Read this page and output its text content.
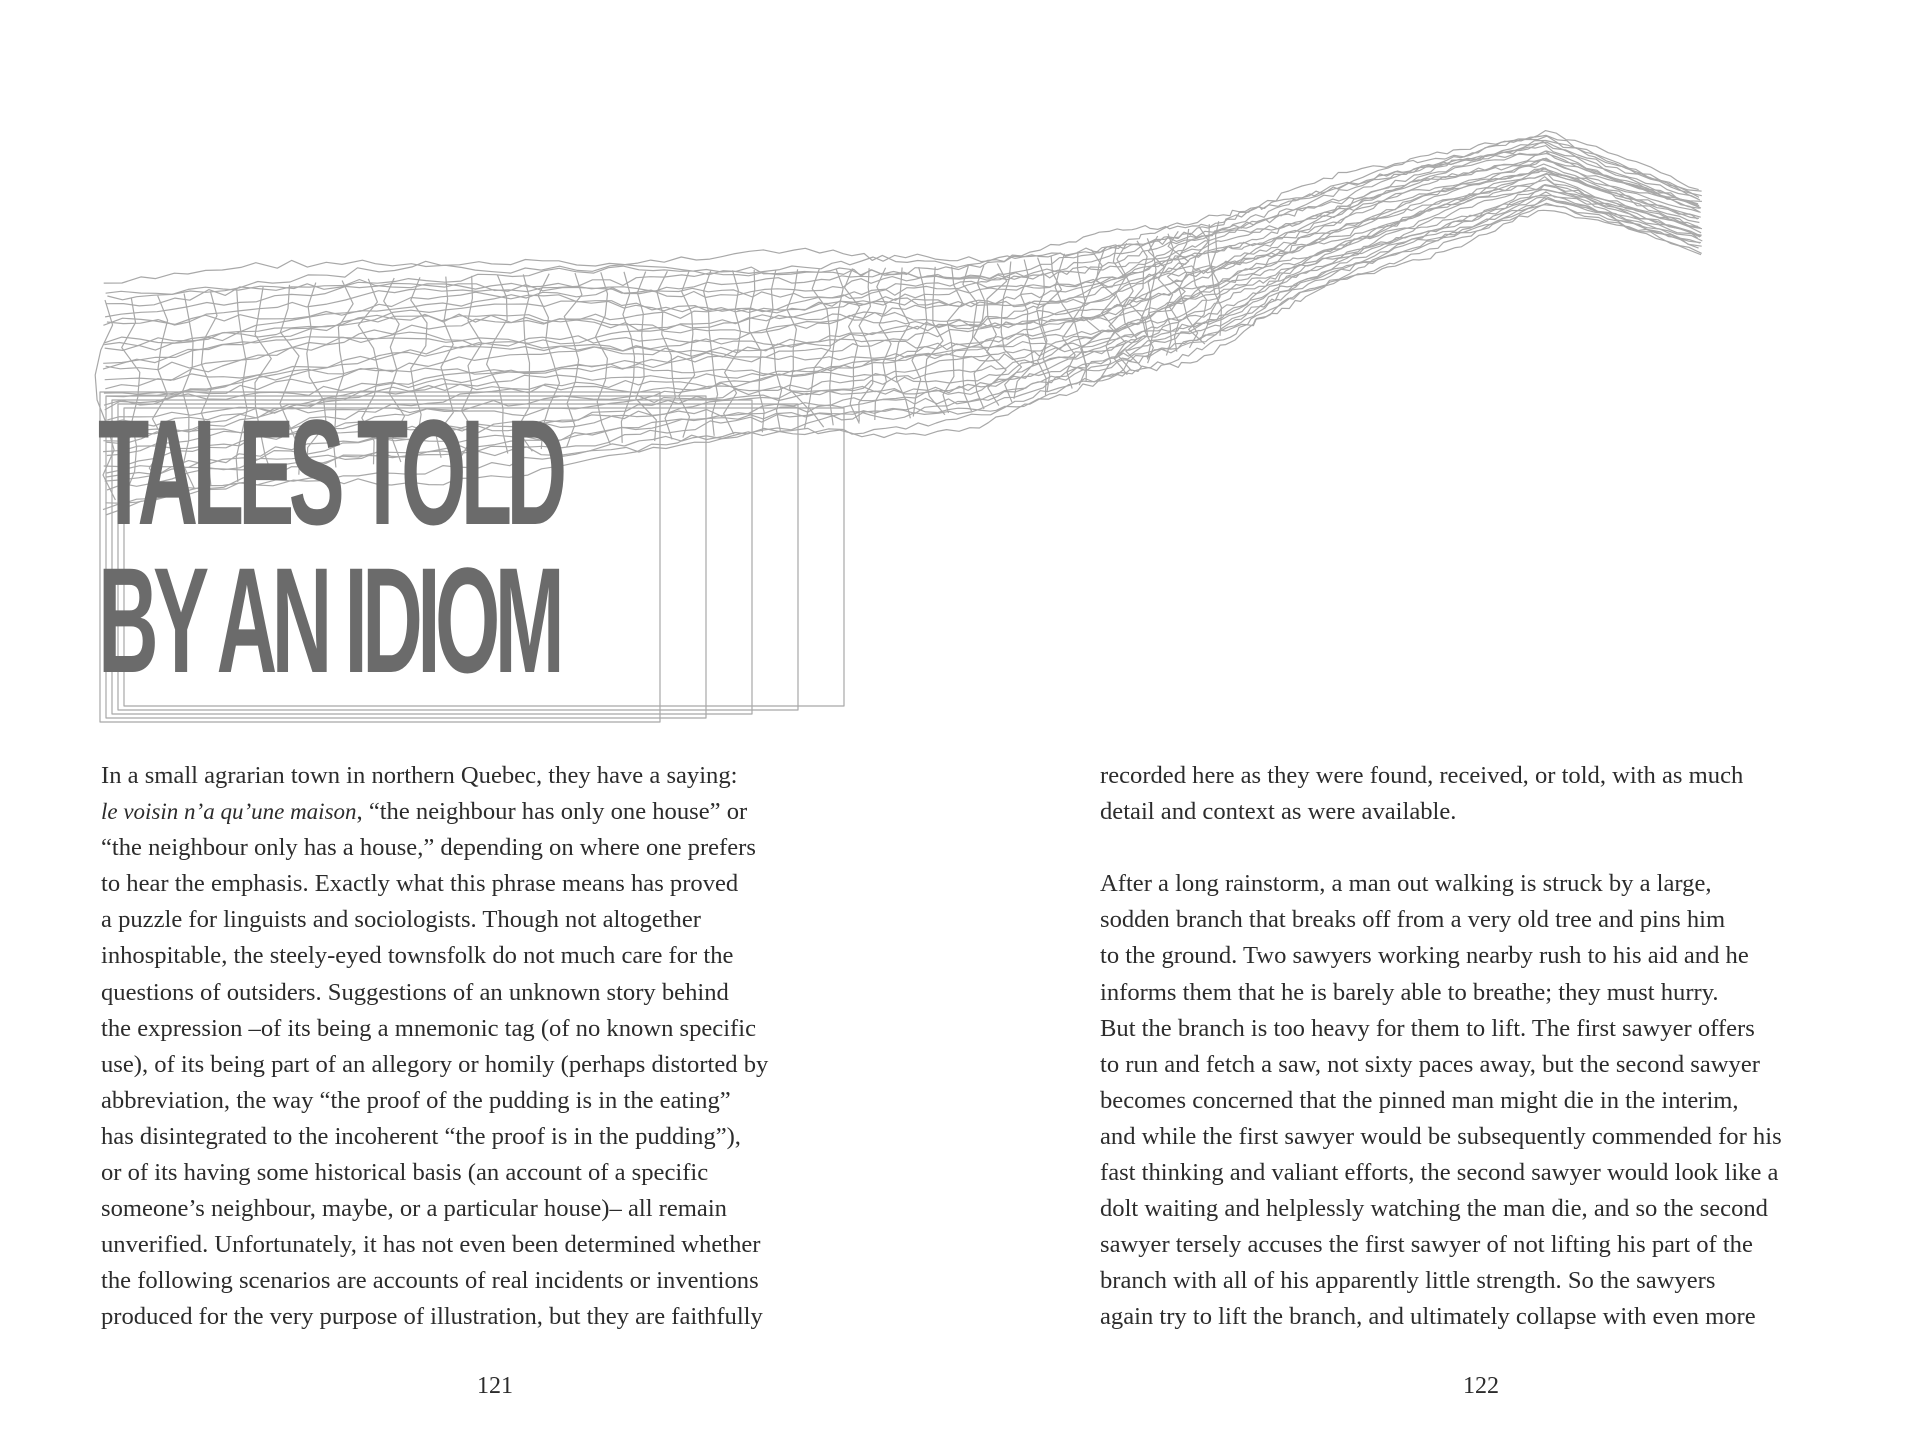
TALES TOLD
BY AN IDIOM

In a small agrarian town in northern Quebec, they have a saying:

le voisin n’a qu’une maison, “the neighbour has only one house” or

“the neighbour only has a house,” depending on where one prefers

to hear the emphasis. Exactly what this phrase means has proved

a puzzle for linguists and sociologists. Though not altogether

inhospitable, the steely-eyed townsfolk do not much care for the

questions of outsiders. Suggestions of an unknown story behind

the expression –of its being a mnemonic tag (of no known specific

use), of its being part of an allegory or homily (perhaps distorted by

abbreviation, the way “the proof of the pudding is in the eating”

has disintegrated to the incoherent “the proof is in the pudding”),

or of its having some historical basis (an account of a specific

someone’s neighbour, maybe, or a particular house)– all remain

unverified. Unfortunately, it has not even been determined whether

the following scenarios are accounts of real incidents or inventions

produced for the very purpose of illustration, but they are faithfully

recorded here as they were found, received, or told, with as much

detail and context as were available.

After a long rainstorm, a man out walking is struck by a large,

sodden branch that breaks off from a very old tree and pins him

to the ground. Two sawyers working nearby rush to his aid and he

informs them that he is barely able to breathe; they must hurry.

But the branch is too heavy for them to lift. The first sawyer offers

to run and fetch a saw, not sixty paces away, but the second sawyer

becomes concerned that the pinned man might die in the interim,

and while the first sawyer would be subsequently commended for his

fast thinking and valiant efforts, the second sawyer would look like a

dolt waiting and helplessly watching the man die, and so the second

sawyer tersely accuses the first sawyer of not lifting his part of the

branch with all of his apparently little strength. So the sawyers

again try to lift the branch, and ultimately collapse with even more

121	122
